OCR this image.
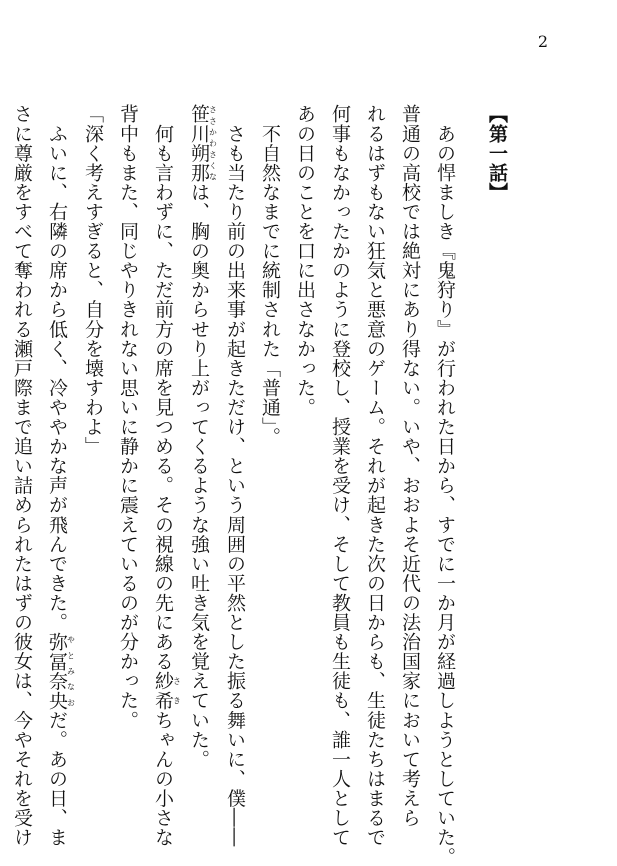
2

【第一話】

　あの悍ましき『鬼狩り』が行われた日から、すでに一か月が経過しようとしていた。

普通の高校では絶対にあり得ない。いや、おおよそ近代の法治国家において考えら

れるはずもない狂気と悪意のゲーム。それが起きた次の日からも、生徒たちはまるで

何事もなかったかのように登校し、授業を受け、そして教員も生徒も、誰一人として

あの日のことを口に出さなかった。

　不自然なまでに統制された「普通」。

　さも当たり前の出来事が起きただけ、という周囲の平然とした振る舞いに、僕――

笹川朔那ささかわさくなは、胸の奥からせり上がってくるような強い吐き気を覚えていた。

　何も言わずに、ただ前方の席を見つめる。その視線の先にある紗希さきちゃんの小さな

背中もまた、同じやりきれない思いに静かに震えているのが分かった。

「深く考えすぎると、自分を壊すわよ」

　ふいに、右隣の席から低く、冷ややかな声が飛んできた。弥冨奈央やとみなおだ。あの日、ま

さに尊厳をすべて奪われる瀬戸際まで追い詰められたはずの彼女は、今やそれを受け
